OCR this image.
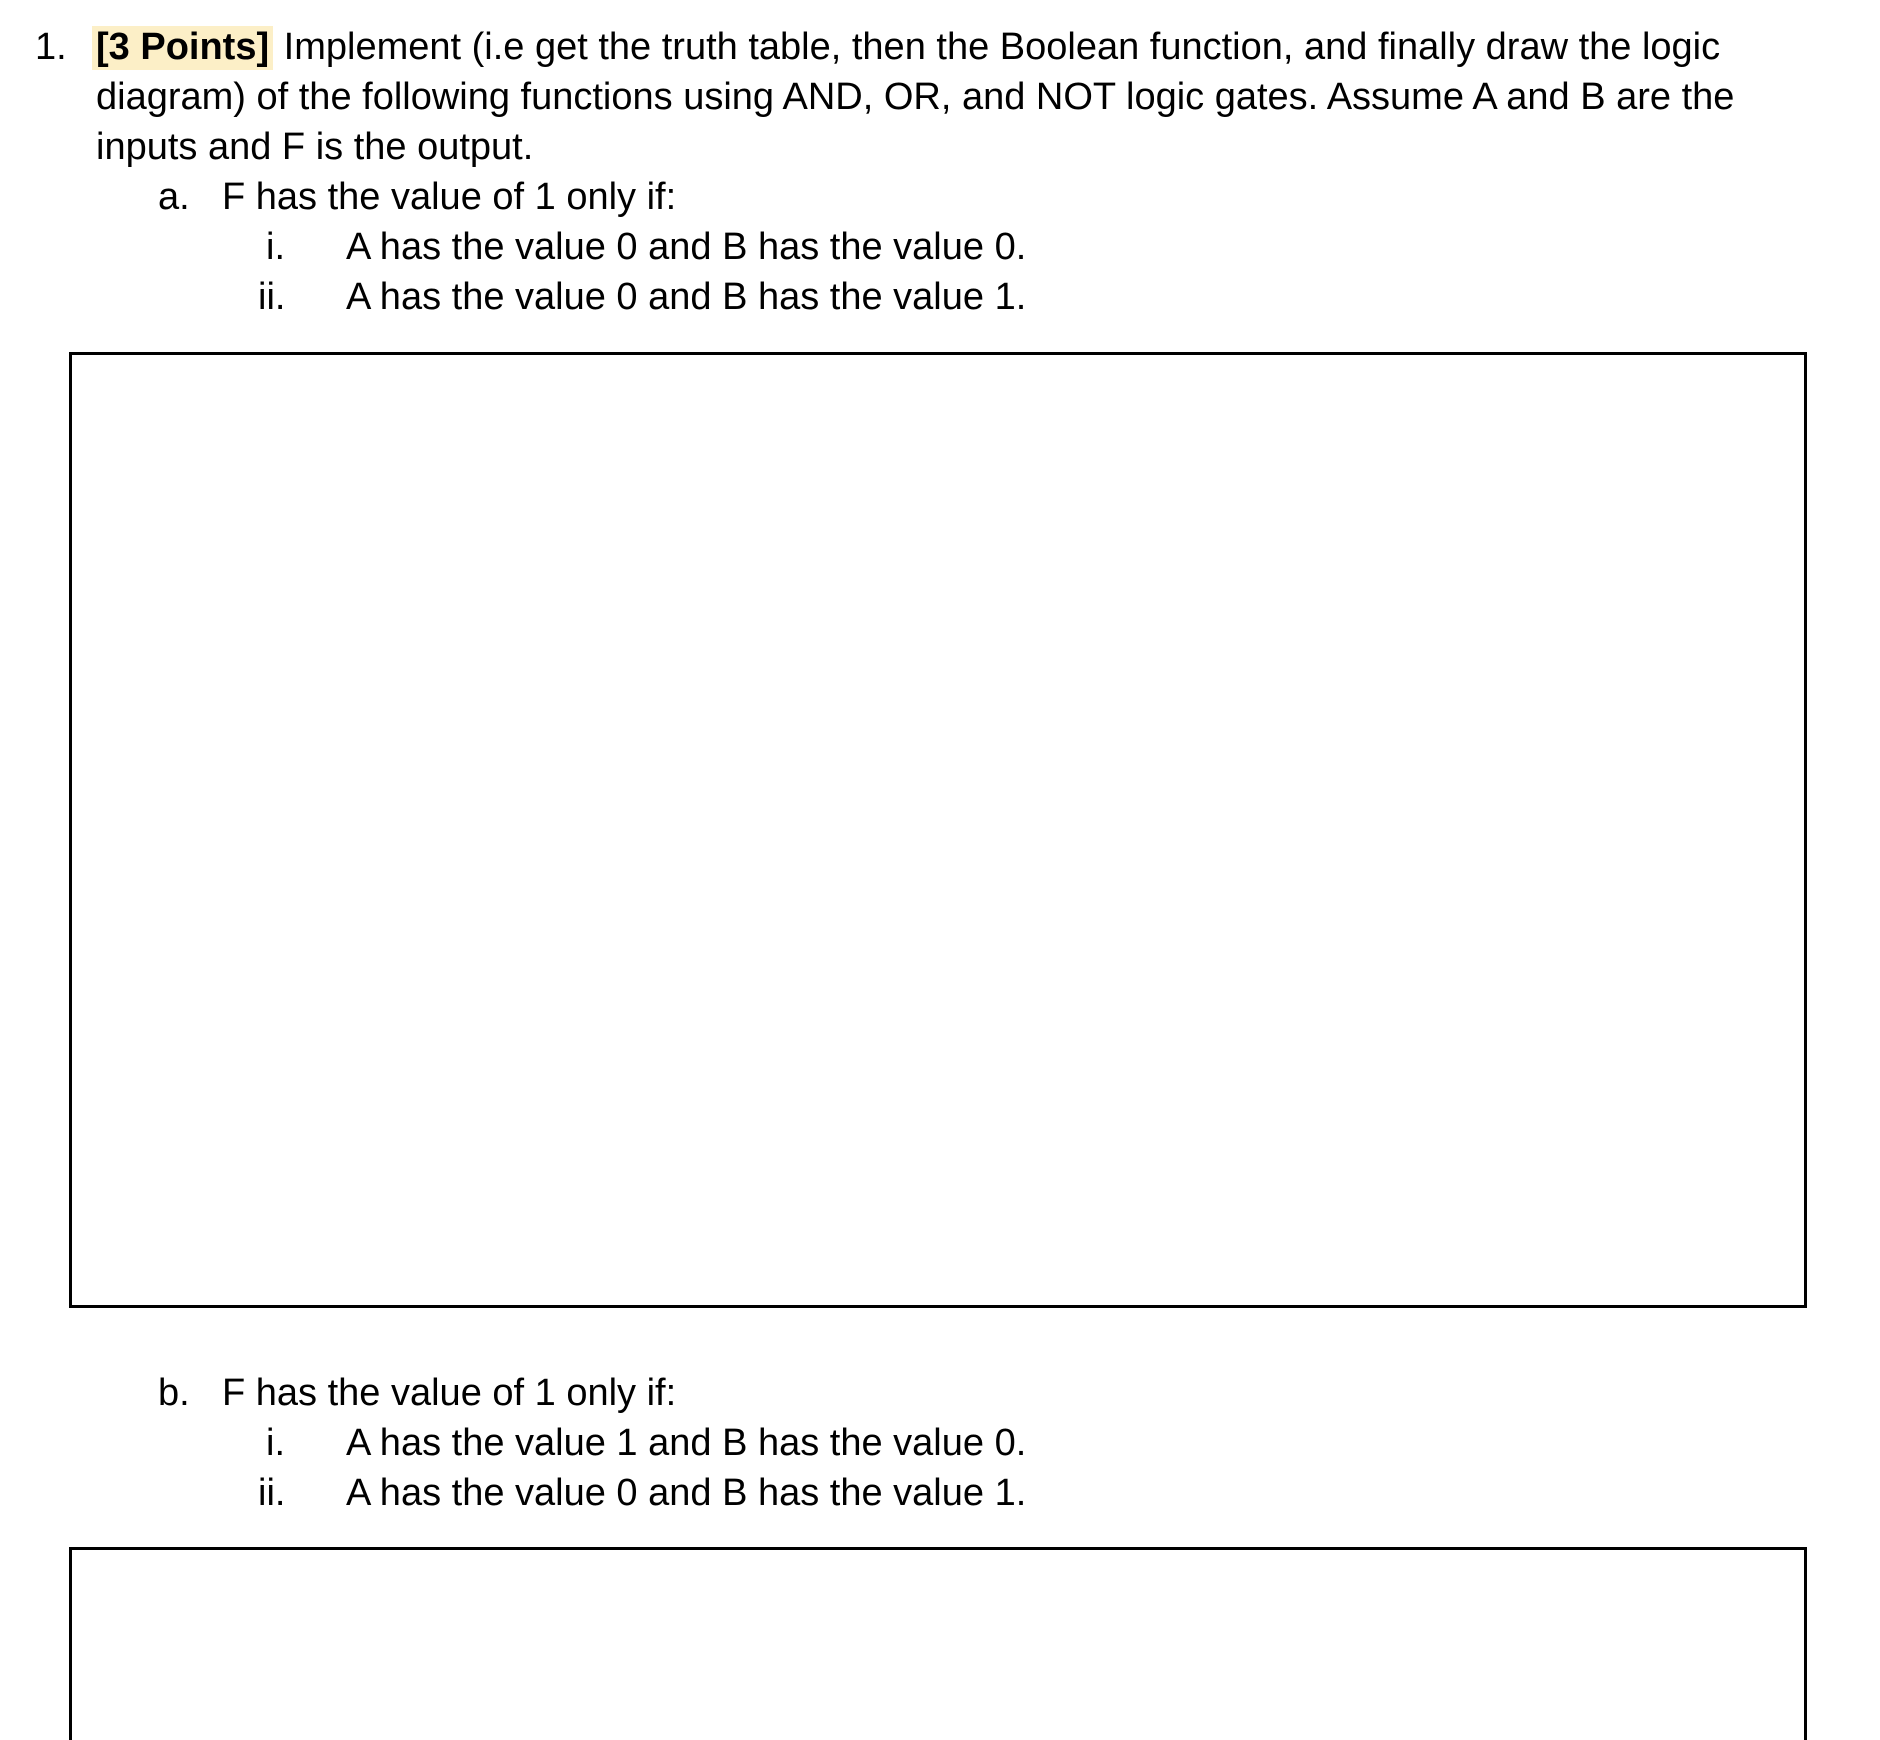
1. [3 Points] Implement (i.e get the truth table, then the Boolean function, and finally draw the logic
diagram) of the following functions using AND, OR, and NOT logic gates. Assume A and B are the
inputs and F is the output.
a. F has the value of 1 only if:
i. A has the value 0 and B has the value 0.
ii. A has the value 0 and B has the value 1.
b. F has the value of 1 only if:
i. A has the value 1 and B has the value 0.
ii. A has the value 0 and B has the value 1.
